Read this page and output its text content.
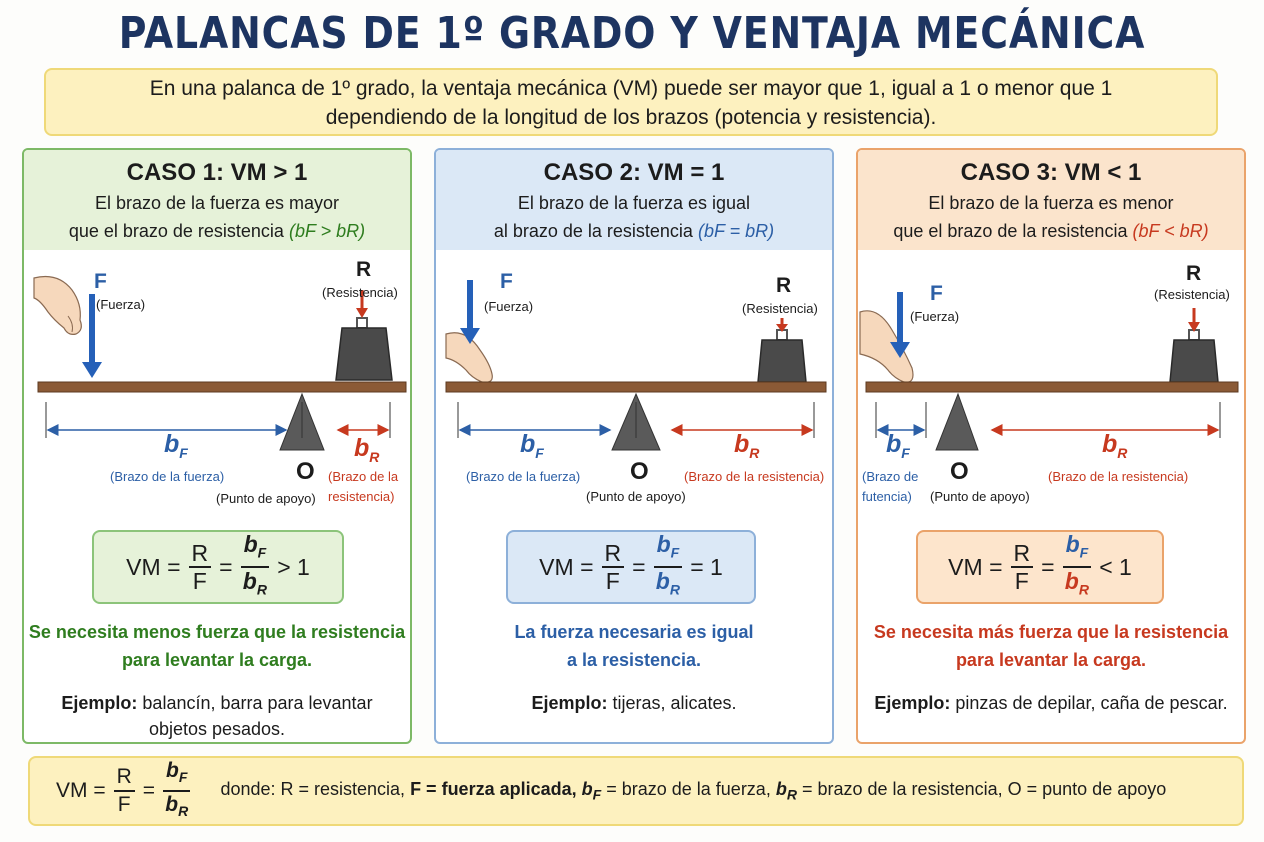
PALANCAS DE 1º GRADO Y VENTAJA MECÁNICA
En una palanca de 1º grado, la ventaja mecánica (VM) puede ser mayor que 1, igual a 1 o menor que 1
dependiendo de la longitud de los brazos (potencia y resistencia).
CASO 1: VM > 1
El brazo de la fuerza es mayor
que el brazo de resistencia (bF > bR)
F
(Fuerza)
R
(Resistencia)
$b_F$
(Brazo de la fuerza)
$b_R$
(Brazo de la
resistencia)
O
(Punto de apoyo)
VM
= $\frac{R}{F} = \frac{b_F}{b_R} > 1$
Se necesita menos fuerza que la resistencia
para levantar la carga.
Ejemplo: balancín, barra para levantar
objetos pesados.
CASO 2: VM = 1
El brazo de la fuerza es igual
al brazo de la resistencia (bF = bR)
F
(Fuerza)
R
(Resistencia)
$b_F$
(Brazo de la fuerza)
$b_R$
(Brazo de la resistencia)
O
(Punto de apoyo)
VM
= $\frac{R}{F} = \frac{b_F}{b_R} = 1$
La fuerza necesaria es igual
a la resistencia.
Ejemplo: tijeras, alicates.
CASO 3: VM < 1
El brazo de la fuerza es menor
que el brazo de la resistencia (bF < bR)
F
(Fuerza)
R
(Resistencia)
$b_F$
(Brazo de
futencia)
$b_R$
(Brazo de la resistencia)
O
(Punto de apoyo)
VM
= $\frac{R}{F} = \frac{b_F}{b_R} < 1$
Se necesita más fuerza que la resistencia
para levantar la carga.
Ejemplo: pinzas de depilar, caña de pescar.
VM
= $\frac{R}{F} = \frac{b_F}{b_R}$ donde: R = resistencia, F = fuerza aplicada, $b_F$ = brazo de la fuerza, $b_R$ = brazo de la resistencia, O = punto de apoyo
